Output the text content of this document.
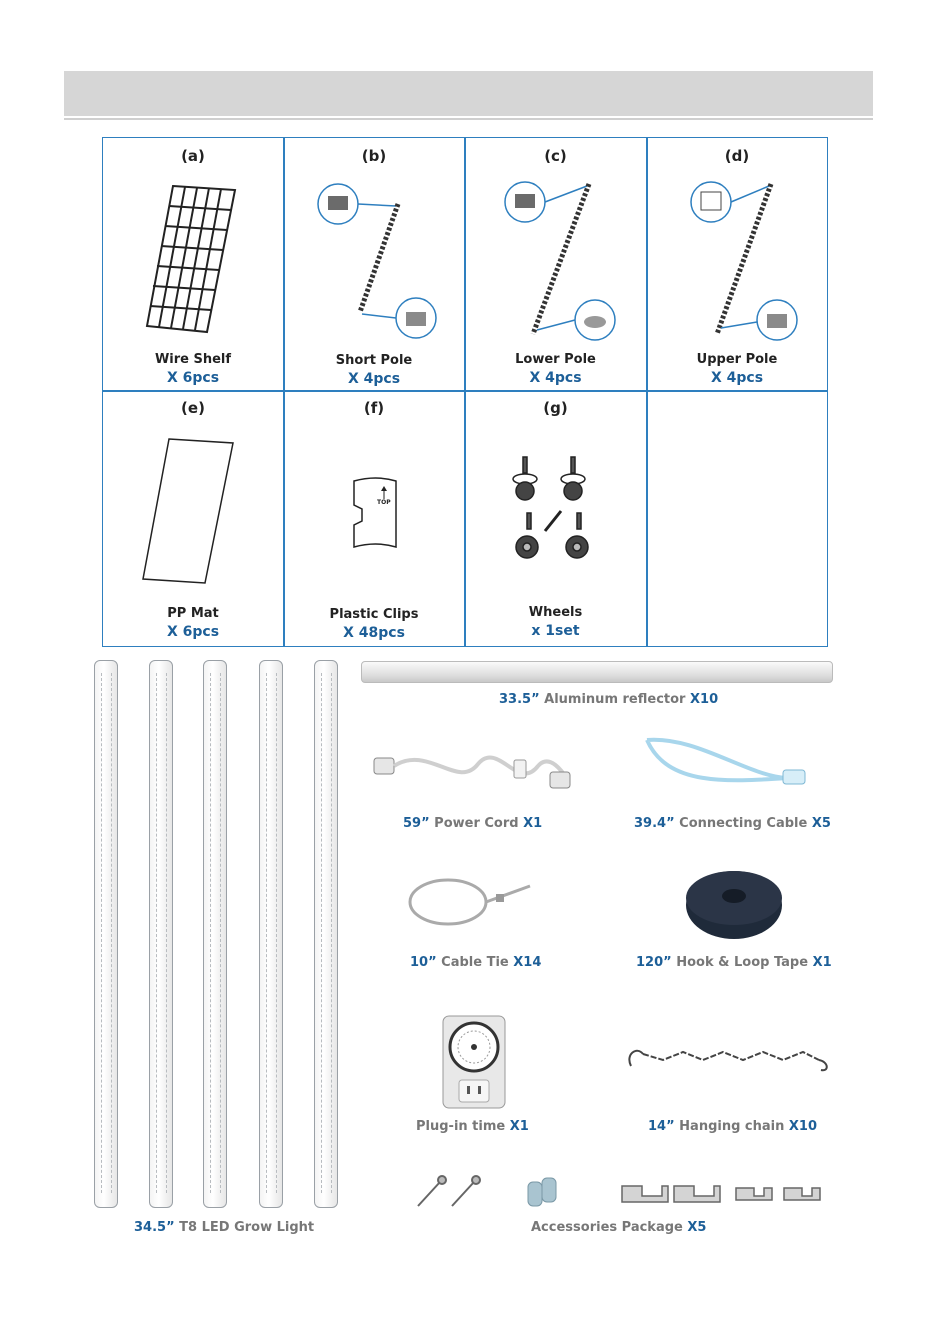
(a)
Wire Shelf
X 6pcs
(b)
Short Pole
X 4pcs
(c)
Lower Pole
X 4pcs
(d)
Upper Pole
X 4pcs
(e)
PP Mat
X 6pcs
(f)
TOP
Plastic Clips
X 48pcs
(g)
Wheels
x 1set
34.5” T8 LED Grow Light
33.5” Aluminum reflector X10
59” Power Cord X1	39.4” Connecting Cable X5
10” Cable Tie X14	120” Hook & Loop Tape X1
Plug-in time X1	14” Hanging chain X10
Accessories Package X5
